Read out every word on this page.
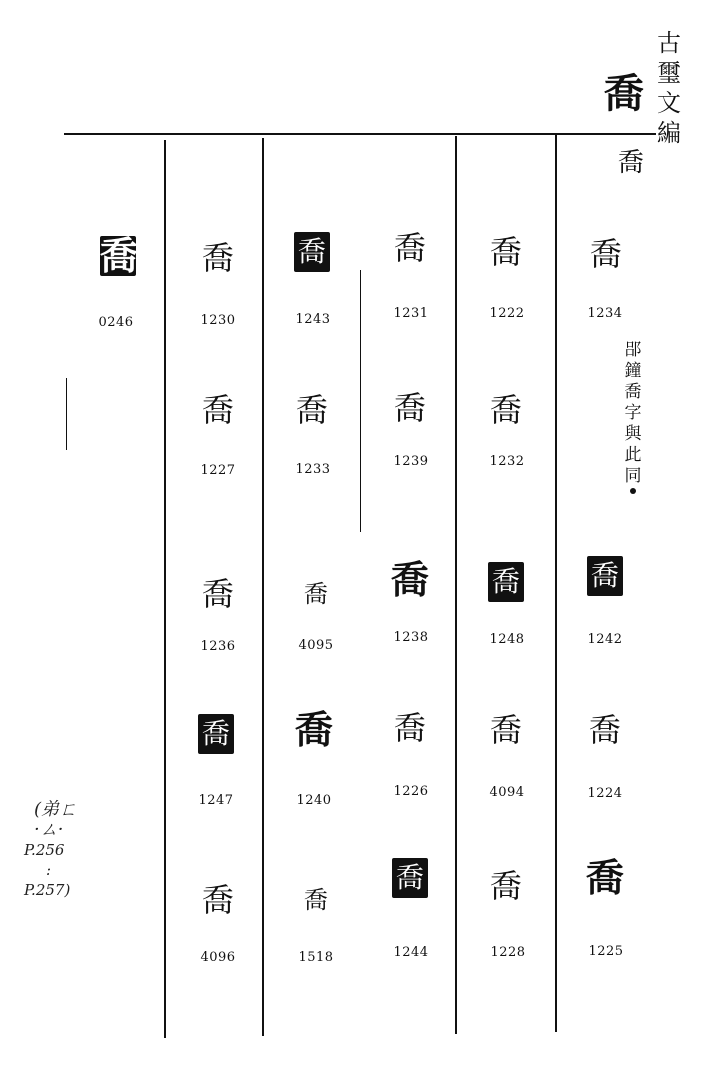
古
璽
文
編
喬
喬
喬
0246
喬
1230
喬
1227
喬
1236
喬
1247
喬
4096
喬
1243
喬
1233
喬
4095
喬
1240
喬
1518
喬
1231
喬
1239
喬
1238
喬
1226
喬
1244
喬
1222
喬
1232
喬
1248
喬
4094
喬
1228
喬
1234
喬
1242
喬
1224
喬
1225
郘
鐘
喬
字
與
此
同
(弟ㄈ·ㄙ·
P.256
:
P.257)
